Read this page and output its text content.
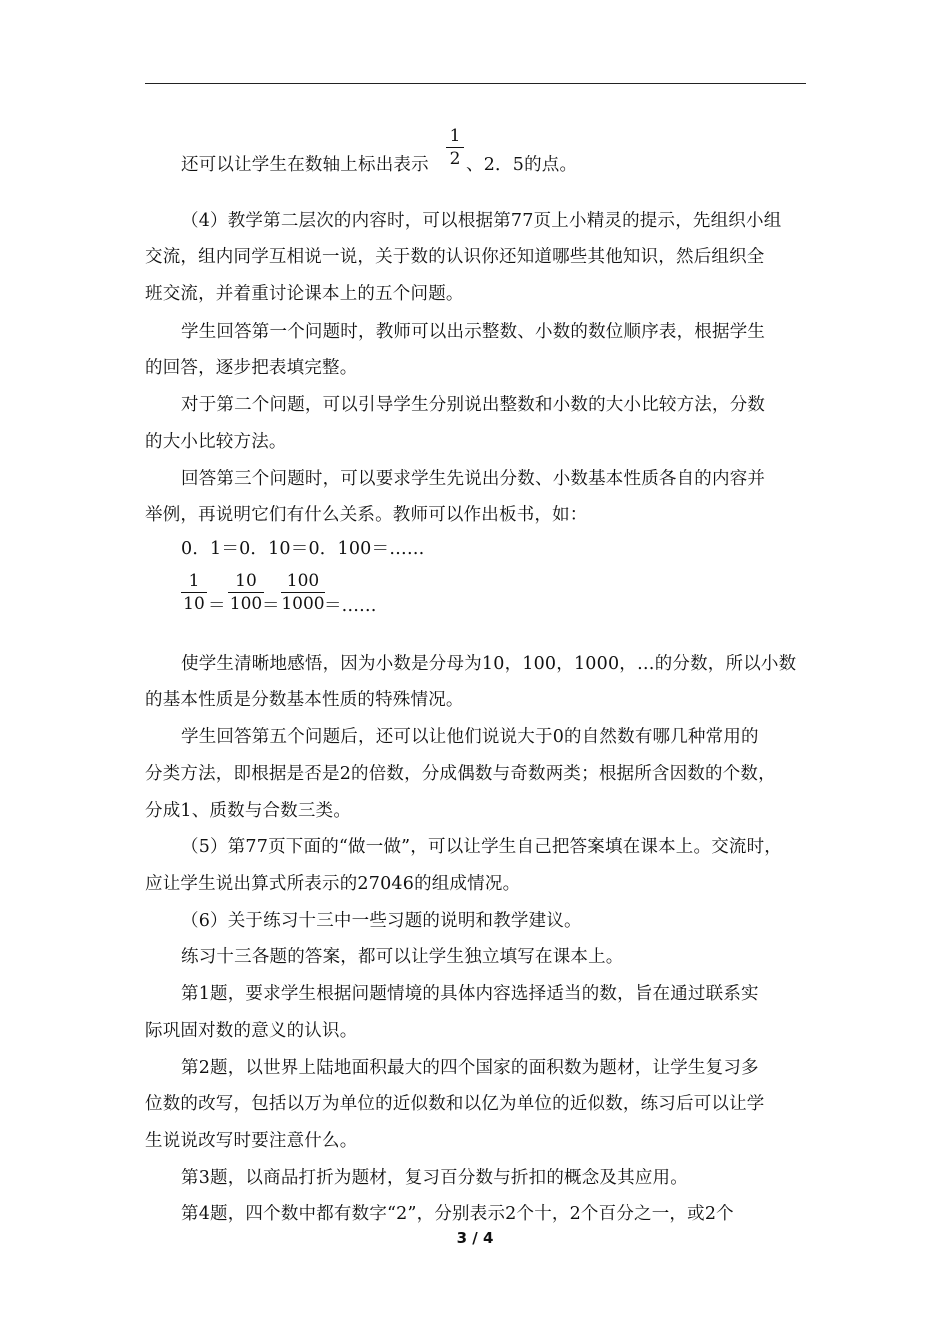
还可以让学生在数轴上标出表示
1
2 、2．5的点。
（4）教学第二层次的内容时，可以根据第77页上小精灵的提示，先组织小组
交流，组内同学互相说一说，关于数的认识你还知道哪些其他知识，然后组织全
班交流，并着重讨论课本上的五个问题。
学生回答第一个问题时，教师可以出示整数、小数的数位顺序表，根据学生
的回答，逐步把表填完整。
对于第二个问题，可以引导学生分别说出整数和小数的大小比较方法，分数
的大小比较方法。
回答第三个问题时，可以要求学生先说出分数、小数基本性质各自的内容并
举例，再说明它们有什么关系。教师可以作出板书，如：
0．1＝0．10＝0．100＝……
1
10 ＝
10
100 ＝
100
1000 ＝……
使学生清晰地感悟，因为小数是分母为10，100，1000，…的分数，所以小数
的基本性质是分数基本性质的特殊情况。
学生回答第五个问题后，还可以让他们说说大于0的自然数有哪几种常用的
分类方法，即根据是否是2的倍数，分成偶数与奇数两类；根据所含因数的个数，
分成1、质数与合数三类。
（5）第77页下面的“做一做”，可以让学生自己把答案填在课本上。交流时，
应让学生说出算式所表示的27046的组成情况。
（6）关于练习十三中一些习题的说明和教学建议。
练习十三各题的答案，都可以让学生独立填写在课本上。
第1题，要求学生根据问题情境的具体内容选择适当的数，旨在通过联系实
际巩固对数的意义的认识。
第2题，以世界上陆地面积最大的四个国家的面积数为题材，让学生复习多
位数的改写，包括以万为单位的近似数和以亿为单位的近似数，练习后可以让学
生说说改写时要注意什么。
第3题，以商品打折为题材，复习百分数与折扣的概念及其应用。
第4题，四个数中都有数字“2”，分别表示2个十，2个百分之一，或2个
3 / 4
